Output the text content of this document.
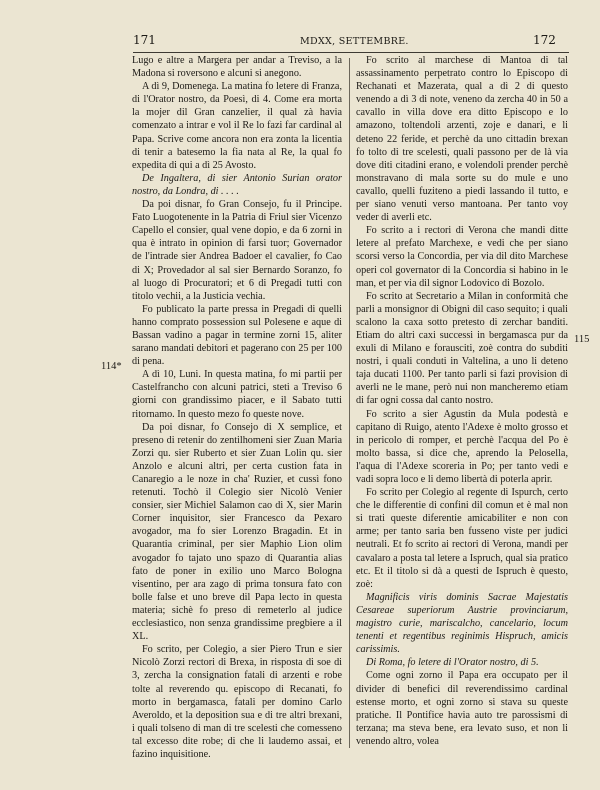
171	MDXX, SETTEMBRE.	172
114*
115

Lugo e altre a Margera per andar a Treviso, a la Madona si roversono e alcuni si anegono.

A dì 9, Domenega. La matina fo letere di Franza, di l'Orator nostro, da Poesì, di 4. Come era morta la mojer dil Gran canzelier, il qual zà havia comenzato a intrar e vol il Re lo fazi far cardinal al Papa. Scrive come ancora non era zonta la licentia di tenir a batesemo la fia nata al Re, la qual fo expedita di qui a dì 25 Avosto.

De Ingaltera, di sier Antonio Surian orator nostro, da Londra, di . . . .

Da poi disnar, fo Gran Consejo, fu il Principe. Fato Luogotenente in la Patria di Friul sier Vicenzo Capello el consier, qual vene dopio, e da 6 zorni in qua è intrato in opinion di farsi tuor; Governador de l'intrade sier Andrea Badoer el cavalier, fo Cao di X; Provedador al sal sier Bernardo Soranzo, fo al luogo di Procuratori; et 6 di Pregadi tutti con titolo vechii, a la Justicia vechia.

Fo publicato la parte pressa in Pregadi di quelli hanno comprato possession sul Polesene e aque di Bassan vadino a pagar in termine zorni 15, aliter sarano mandati debitori et pagerano con 25 per 100 di pena.

A dì 10, Luni. In questa matina, fo mi partii per Castelfrancho con alcuni patrici, steti a Treviso 6 giorni con grandissimo piacer, e il Sabato tutti ritornamo. In questo mezo fo queste nove.

Da poi disnar, fo Consejo di X semplice, et preseno di retenir do zentilhomeni sier Zuan Maria Zorzi qu. sier Ruberto et sier Zuan Lolin qu. sier Anzolo e alcuni altri, per certa custion fata in Canaregio a le noze in cha' Ruzier, et cussì fono retenuti. Tochò il Colegio sier Nicolò Venier consier, sier Michiel Salamon cao di X, sier Marin Corner inquisitor, sier Francesco da Pexaro avogador, ma fo sier Lorenzo Bragadin. Et in Quarantia criminal, per sier Maphio Lion olim avogador fo tajato uno spazo di Quarantia alias fato de poner in exilio uno Marco Bologna visentino, per ara zago di prima tonsura fato con bolle false et uno breve dil Papa lecto in questa materia; sichè fo preso di remeterlo al judice ecclesiastico, non senza grandissime pregbiere a il XL.

Fo scrito, per Colegio, a sier Piero Trun e sier Nicolò Zorzi rectori di Brexa, in risposta di soe di 3, zercha la consignation fatali di arzenti e robe tolte al reverendo qu. episcopo di Recanati, fo morto in bergamasca, fatali per domino Carlo Averoldo, et la deposition sua e di tre altri brexani, i quali tolseno di man di tre scelesti che comesseno tal excesso dite robe; di che li laudemo assai, et fazino inquisitione.

Fo scrito al marchese di Mantoa di tal assassinamento perpetrato contro lo Episcopo di Rechanati et Mazerata, qual a dì 2 di questo venendo a dì 3 di note, veneno da zercha 40 in 50 a cavallo in villa dove era ditto Episcopo e lo amazono, toltendoli arzenti, zoje e danari, e li deteno 22 feride, et perchè da uno cittadin brexan fo tolto di tre scelesti, quali passono per de là via dove diti citadini erano, e volendoli prender perchè monstravano di mala sorte su do mule e uno cavallo, quelli fuziteno a piedi lassando il tutto, e per siano venuti verso mantoana. Per tanto voy veder di averli etc.

Fo scrito a i rectori di Verona che mandi ditte letere al prefato Marchexe, e vedi che per siano scorsi verso la Concordia, per via dil dito Marchese operi col governator di la Concordia si habino in le man, et per via dil signor Lodovico di Bozolo.

Fo scrito at Secretario a Milan in conformità che parli a monsignor di Obignì dil caso sequito; i quali scalono la caxa sotto pretesto di zerchar banditi. Etiam do altri caxi successi in bergamasca pur da exuli di Milano e forausciti, zoè contra do subditi nostri, i quali conduti in Valtelina, a uno li deteno taja ducati 1100. Per tanto parli si fazi provision di averli ne le mane, però nui non mancheremo etiam di far ogni cossa dal canto nostro.

Fo scrito a sier Agustin da Mula podestà e capitano di Ruigo, atento l'Adexe è molto grosso et in pericolo di romper, et perchè l'acqua del Po è molto bassa, si dice che, aprendo la Pelosella, l'aqua di l'Adexe scoreria in Po; per tanto vedi e vadi sopra loco e li demo libertà di poterla aprir.

Fo scrito per Colegio al regente di Ispurch, certo che le differentie di confini dil comun et è mal non si trati queste diferentie amicabiliter e non con arme; per tanto saria ben fusseno viste per judici neutrali. Et fo scrito ai rectori di Verona, mandi per cavalaro a posta tal letere a Ispruch, qual sia pratico etc. Et il titolo si dà a questi de Ispruch è questo, zoè:

Magnificis viris dominis Sacrae Majestatis Cesareae superiorum Austrie provinciarum, magistro curie, mariscalcho, cancelario, locum tenenti et regentibus reginimis Hispruch, amicis carissimis.

Di Roma, fo letere di l'Orator nostro, di 5.

Come ogni zorno il Papa era occupato per il divider di benefici dil reverendissimo cardinal estense morto, et ogni zorno si stava su queste pratiche. Il Pontifice havia auto tre parossismi di terzana; ma steva bene, era levato suso, et non li venendo altro, volea
